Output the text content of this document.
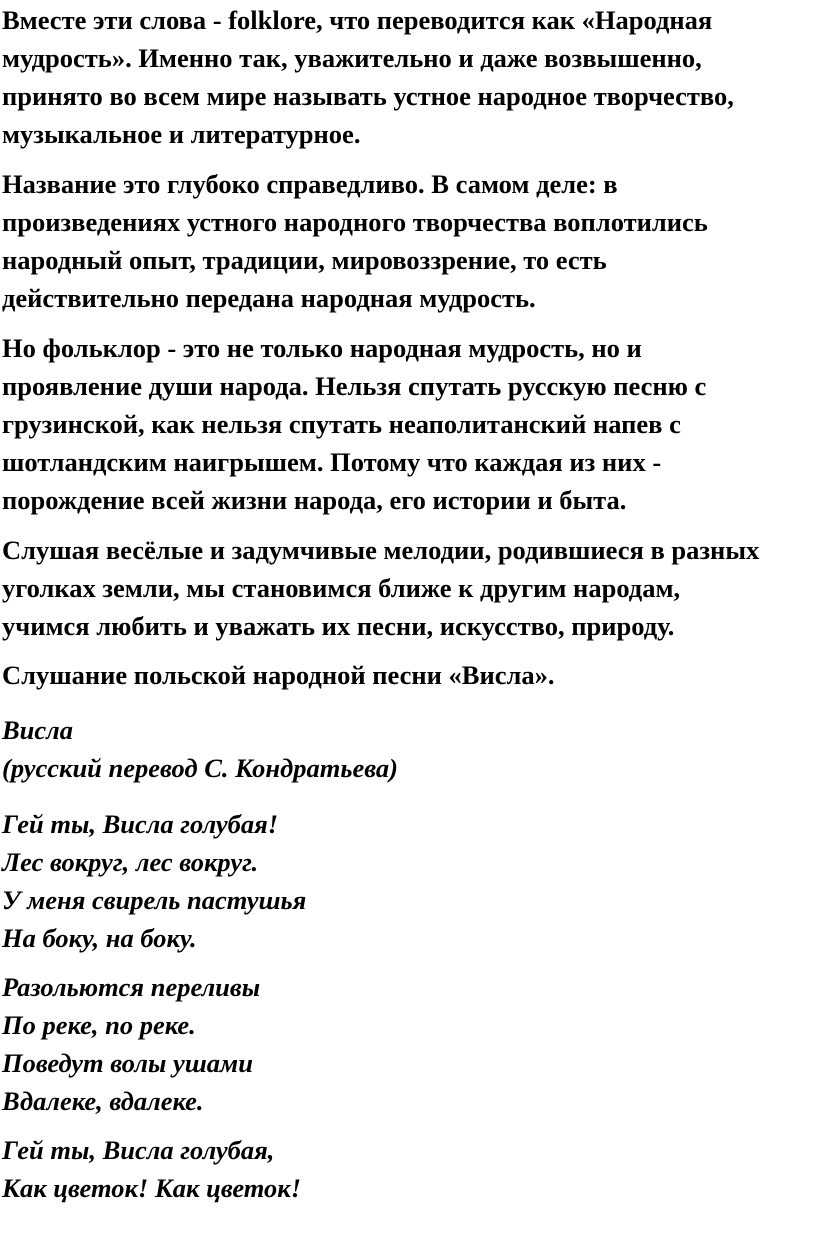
Вместе эти слова - folklore, что переводится как «Народная
мудрость». Именно так, уважительно и даже возвышенно,
принято во всем мире называть устное народное творчество,
музыкальное и литературное.
Название это глубоко справедливо. В самом деле: в
произведениях устного народного творчества воплотились
народный опыт, традиции, мировоззрение, то есть
действительно передана народная мудрость.
Но фольклор - это не только народная мудрость, но и
проявление души народа. Нельзя спутать русскую песню с
грузинской, как нельзя спутать неаполитанский напев с
шотландским наигрышем. Потому что каждая из них -
порождение всей жизни народа, его истории и быта.
Слушая весёлые и задумчивые мелодии, родившиеся в разных
уголках земли, мы становимся ближе к другим народам,
учимся любить и уважать их песни, искусство, природу.
Слушание польской народной песни «Висла».
Висла
(русский перевод С. Кондратьева)
Гей ты, Висла голубая!
Лес вокруг, лес вокруг.
У меня свирель пастушья
На боку, на боку.
Разольются переливы
По реке, по реке.
Поведут волы ушами
Вдалеке, вдалеке.
Гей ты, Висла голубая,
Как цветок! Как цветок!
